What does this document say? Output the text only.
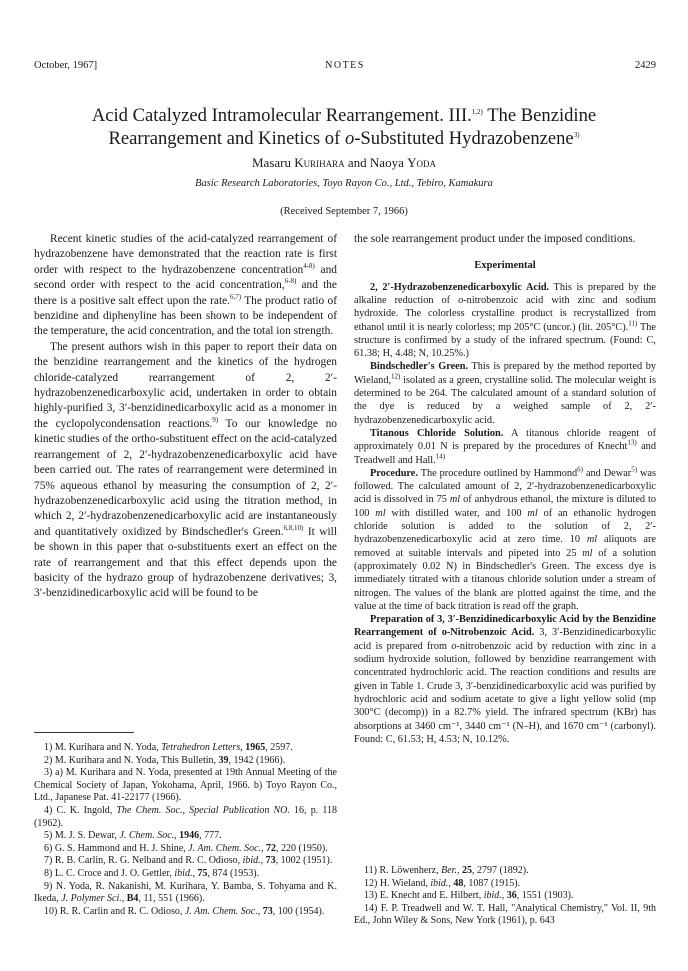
October, 1967]	NOTES	2429
Acid Catalyzed Intramolecular Rearrangement. III.$^{1,2)}$ The Benzidine
Rearrangement and Kinetics of o-Substituted Hydrazobenzene$^{3)}$
Masaru Kurihara and Naoya Yoda
Basic Research Laboratories, Toyo Rayon Co., Ltd., Tebiro, Kamakura
(Received September 7, 1966)

Recent kinetic studies of the acid-catalyzed rearrangement of hydrazobenzene have demonstrated that the reaction rate is first order with respect to the hydrazobenzene concentration$^{4-8)}$ and second order with respect to the acid concentration,$^{6-8)}$ and the there is a positive salt effect upon the rate.$^{6,7)}$ The product ratio of benzidine and diphenyline has been shown to be independent of the temperature, the acid concentration, and the total ion strength.

The present authors wish in this paper to report their data on the benzidine rearrangement and the kinetics of the hydrogen chloride-catalyzed rearrangement of 2, 2′-hydrazobenzenedicarboxylic acid, undertaken in order to obtain highly-purified 3, 3′-benzidinedicarboxylic acid as a monomer in the cyclopolycondensation reactions.$^{9)}$ To our knowledge no kinetic studies of the ortho-substituent effect on the acid-catalyzed rearrangement of 2, 2′-hydrazobenzenedicarboxylic acid have been carried out. The rates of rearrangement were determined in 75% aqueous ethanol by measuring the consumption of 2, 2′-hydrazobenzenedicarboxylic acid using the titration method, in which 2, 2′-hydrazobenzenedicarboxylic acid are instantaneously and quantitatively oxidized by Bindschedler's Green.$^{6,8,10)}$ It will be shown in this paper that o-substituents exert an effect on the rate of rearrangement and that this effect depends upon the basicity of the hydrazo group of hydrazobenzene derivatives; 3, 3′-benzidinedicarboxylic acid will be found to be

the sole rearrangement product under the imposed conditions.

Experimental

2, 2′-Hydrazobenzenedicarboxylic Acid. This is prepared by the alkaline reduction of o-nitrobenzoic acid with zinc and sodium hydroxide. The colorless crystalline product is recrystallized from ethanol until it is nearly colorless; mp 205°C (uncor.) (lit. 205°C).$^{11)}$ The structure is confirmed by a study of the infrared spectrum. (Found: C, 61.38; H, 4.48; N, 10.25%.)

Bindschedler's Green. This is prepared by the method reported by Wieland,$^{12)}$ isolated as a green, crystalline solid. The molecular weight is determined to be 264. The calculated amount of a standard solution of the dye is reduced by a weighed sample of 2, 2′-hydrazobenzenedicarboxylic acid.

Titanous Chloride Solution. A titanous chloride reagent of approximately 0.01 N is prepared by the procedures of Knecht$^{13)}$ and Treadwell and Hall.$^{14)}$

Procedure. The procedure outlined by Hammond$^{6)}$ and Dewar$^{5)}$ was followed. The calculated amount of 2, 2′-hydrazobenzenedicarboxylic acid is dissolved in 75 ml of anhydrous ethanol, the mixture is diluted to 100 ml with distilled water, and 100 ml of an ethanolic hydrogen chloride solution is added to the solution of 2, 2′-hydrazobenzenedicarboxylic acid at zero time. 10 ml aliquots are removed at suitable intervals and pipeted into 25 ml of a solution (approximately 0.02 N) in Bindschedler's Green. The excess dye is immediately titrated with a titanous chloride solution under a stream of nitrogen. The values of the blank are plotted against the time, and the value at the time of back titration is read off the graph.

Preparation of 3, 3′-Benzidinedicarboxylic Acid by the Benzidine Rearrangement of o-Nitrobenzoic Acid. 3, 3′-Benzidinedicarboxylic acid is prepared from o-nitrobenzoic acid by reduction with zinc in a sodium hydroxide solution, followed by benzidine rearrangement with concentrated hydrochloric acid. The reaction conditions and results are given in Table 1. Crude 3, 3′-benzidinedicarboxylic acid was purified by hydrochloric acid and sodium acetate to give a light yellow solid (mp 300°C (decomp)) in a 82.7% yield. The infrared spectrum (KBr) has absorptions at 3460 cm⁻¹, 3440 cm⁻¹ (N–H), and 1670 cm⁻¹ (carbonyl). Found: C, 61.53; H, 4.53; N, 10.12%.

1) M. Kurihara and N. Yoda, Tetrahedron Letters, 1965, 2597.
2) M. Kurihara and N. Yoda, This Bulletin, 39, 1942 (1966).
3) a) M. Kurihara and N. Yoda, presented at 19th Annual Meeting of the Chemical Society of Japan, Yokohama, April, 1966. b) Toyo Rayon Co., Ltd., Japanese Pat. 41-22177 (1966).
4) C. K. Ingold, The Chem. Soc., Special Publication NO. 16, p. 118 (1962).
5) M. J. S. Dewar, J. Chem. Soc., 1946, 777.
6) G. S. Hammond and H. J. Shine, J. Am. Chem. Soc., 72, 220 (1950).
7) R. B. Carlin, R. G. Nelband and R. C. Odioso, ibid., 73, 1002 (1951).
8) L. C. Croce and J. O. Gettler, ibid., 75, 874 (1953).
9) N. Yoda, R. Nakanishi, M. Kurihara, Y. Bamba, S. Tohyama and K. Ikeda, J. Polymer Sci., B4, 11, 551 (1966).
10) R. R. Carlin and R. C. Odioso, J. Am. Chem. Soc., 73, 100 (1954).
11) R. Löwenherz, Ber., 25, 2797 (1892).
12) H. Wieland, ibid., 48, 1087 (1915).
13) E. Knecht and E. Hilbert, ibid., 36, 1551 (1903).
14) F. P. Treadwell and W. T. Hall, "Analytical Chemistry," Vol. II, 9th Ed., John Wiley & Sons, New York (1961), p. 643
